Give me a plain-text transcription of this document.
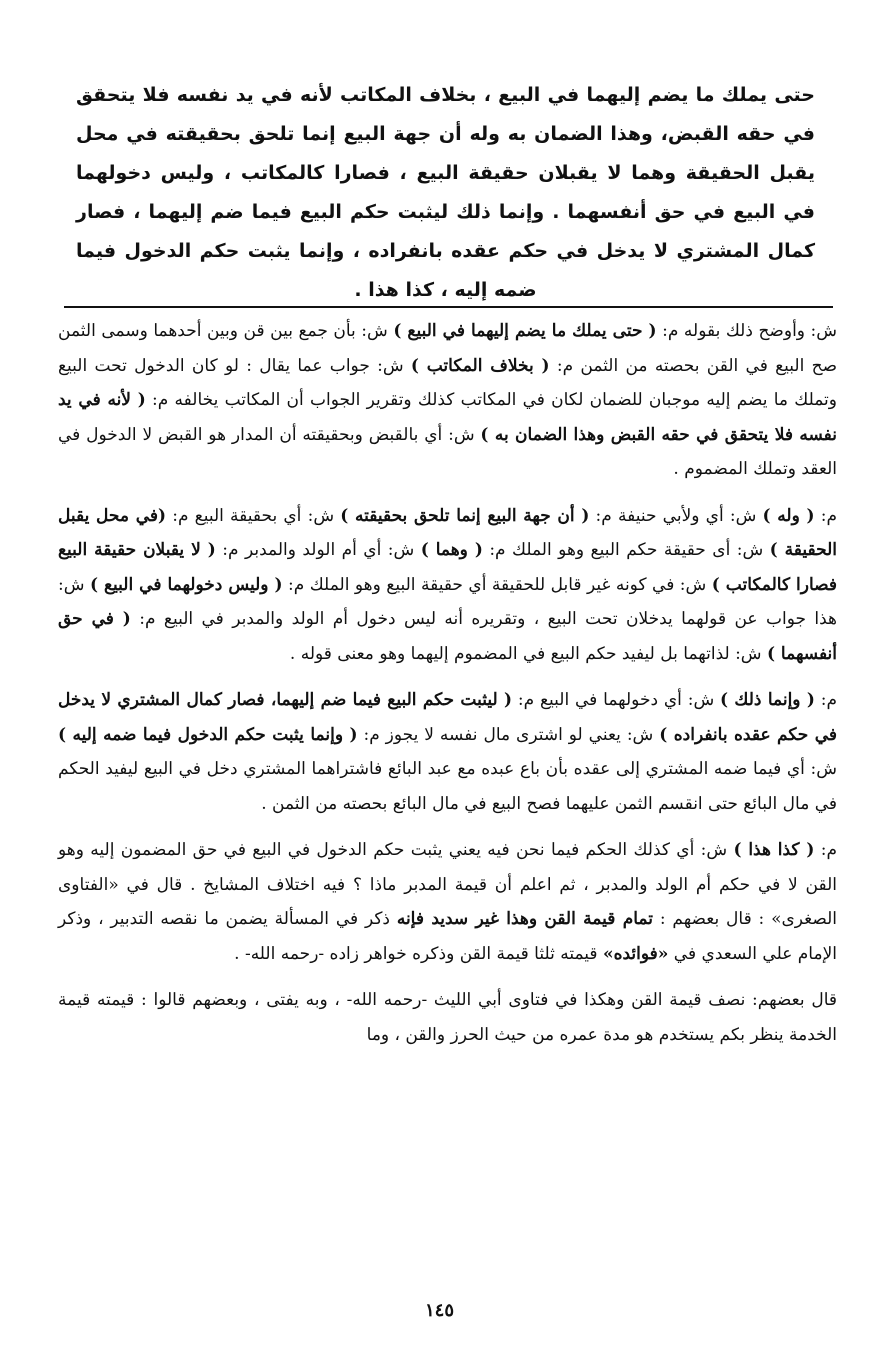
حتى يملك ما يضم إليهما في البيع ، بخلاف المكاتب لأنه في يد نفسه فلا يتحقق في حقه القبض، وهذا الضمان به وله أن جهة البيع إنما تلحق بحقيقته في محل يقبل الحقيقة وهما لا يقبلان حقيقة البيع ، فصارا كالمكاتب ، وليس دخولهما في البيع في حق أنفسهما . وإنما ذلك ليثبت حكم البيع فيما ضم إليهما ، فصار كمال المشتري لا يدخل في حكم عقده بانفراده ، وإنما يثبت حكم الدخول فيما ضمه إليه ، كذا هذا .

ش: وأوضح ذلك بقوله م: ( حتى يملك ما يضم إليهما في البيع ) ش: بأن جمع بين قن وبين أحدهما وسمى الثمن صح البيع في القن بحصته من الثمن م: ( بخلاف المكاتب ) ش: جواب عما يقال : لو كان الدخول تحت البيع وتملك ما يضم إليه موجبان للضمان لكان في المكاتب كذلك وتقرير الجواب أن المكاتب يخالفه م: ( لأنه في يد نفسه فلا يتحقق في حقه القبض وهذا الضمان به ) ش: أي بالقبض وبحقيقته أن المدار هو القبض لا الدخول في العقد وتملك المضموم .

م: ( وله ) ش: أي ولأبي حنيفة م: ( أن جهة البيع إنما تلحق بحقيقته ) ش: أي بحقيقة البيع م: (في محل يقبل الحقيقة ) ش: أى حقيقة حكم البيع وهو الملك م: ( وهما ) ش: أي أم الولد والمدبر م: ( لا يقبلان حقيقة البيع فصارا كالمكاتب ) ش: في كونه غير قابل للحقيقة أي حقيقة البيع وهو الملك م: ( وليس دخولهما في البيع ) ش: هذا جواب عن قولهما يدخلان تحت البيع ، وتقريره أنه ليس دخول أم الولد والمدبر في البيع م: ( في حق أنفسهما ) ش: لذاتهما بل ليفيد حكم البيع في المضموم إليهما وهو معنى قوله .

م: ( وإنما ذلك ) ش: أي دخولهما في البيع م: ( ليثبت حكم البيع فيما ضم إليهما، فصار كمال المشتري لا يدخل في حكم عقده بانفراده ) ش: يعني لو اشترى مال نفسه لا يجوز م: ( وإنما يثبت حكم الدخول فيما ضمه إليه ) ش: أي فيما ضمه المشتري إلى عقده بأن باع عبده مع عبد البائع فاشتراهما المشتري دخل في البيع ليفيد الحكم في مال البائع حتى انقسم الثمن عليهما فصح البيع في مال البائع بحصته من الثمن .

م: ( كذا هذا ) ش: أي كذلك الحكم فيما نحن فيه يعني يثبت حكم الدخول في البيع في حق المضمون إليه وهو القن لا في حكم أم الولد والمدبر ، ثم اعلم أن قيمة المدبر ماذا ؟ فيه اختلاف المشايخ . قال في «الفتاوى الصغرى» : قال بعضهم : تمام قيمة القن وهذا غير سديد فإنه ذكر في المسألة يضمن ما نقصه التدبير ، وذكر الإمام علي السعدي في «فوائده» قيمته ثلثا قيمة القن وذكره خواهر زاده -رحمه الله- .

قال بعضهم: نصف قيمة القن وهكذا في فتاوى أبي الليث -رحمه الله- ، وبه يفتى ، وبعضهم قالوا : قيمته قيمة الخدمة ينظر بكم يستخدم هو مدة عمره من حيث الحرز والقن ، وما

١٤٥
